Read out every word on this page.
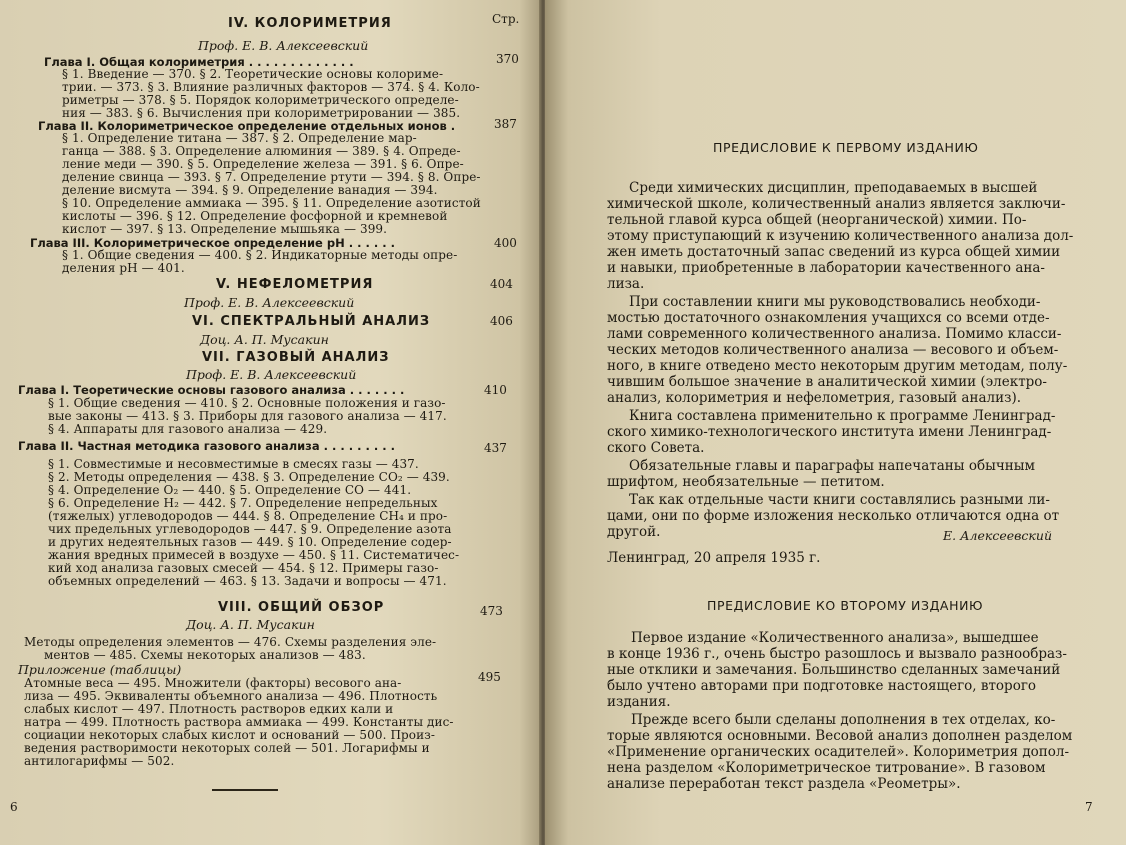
Стр.
IV. КОЛОРИМЕТРИЯ
Проф. Е. В. Алексеевский
Глава I. Общая колориметрия . . . . . . . . . . . . .
§ 1. Введение — 370. § 2. Теоретические основы колориме-
трии. — 373. § 3. Влияние различных факторов — 374. § 4. Коло-
риметры — 378. § 5. Порядок колориметрического определе-
ния — 383. § 6. Вычисления при колориметрировании — 385.
Глава II. Колориметрическое определение отдельных ионов .
§ 1. Определение титана — 387. § 2. Определение мар-
ганца — 388. § 3. Определение алюминия — 389. § 4. Опреде-
ление меди — 390. § 5. Определение железа — 391. § 6. Опре-
деление свинца — 393. § 7. Определение ртути — 394. § 8. Опре-
деление висмута — 394. § 9. Определение ванадия — 394.
§ 10. Определение аммиака — 395. § 11. Определение азотистой
кислоты — 396. § 12. Определение фосфорной и кремневой
кислот — 397. § 13. Определение мышьяка — 399.
Глава III. Колориметрическое определение pH . . . . . .
§ 1. Общие сведения — 400. § 2. Индикаторные методы опре-
деления pH — 401.
V. НЕФЕЛОМЕТРИЯ
Проф. Е. В. Алексеевский
VI. СПЕКТРАЛЬНЫЙ АНАЛИЗ
Доц. А. П. Мусакин
VII. ГАЗОВЫЙ АНАЛИЗ
Проф. Е. В. Алексеевский
Глава I. Теоретические основы газового анализа . . . . . . .
§ 1. Общие сведения — 410. § 2. Основные положения и газо-
вые законы — 413. § 3. Приборы для газового анализа — 417.
§ 4. Аппараты для газового анализа — 429.
Глава II. Частная методика газового анализа . . . . . . . . .
§ 1. Совместимые и несовместимые в смесях газы — 437.
§ 2. Методы определения — 438. § 3. Определение CO₂ — 439.
§ 4. Определение O₂ — 440. § 5. Определение CO — 441.
§ 6. Определение H₂ — 442. § 7. Определение непредельных
(тяжелых) углеводородов — 444. § 8. Определение CH₄ и про-
чих предельных углеводородов — 447. § 9. Определение азота
и других недеятельных газов — 449. § 10. Определение содер-
жания вредных примесей в воздухе — 450. § 11. Систематичес-
кий ход анализа газовых смесей — 454. § 12. Примеры газо-
объемных определений — 463. § 13. Задачи и вопросы — 471.
VIII. ОБЩИЙ ОБЗОР
Доц. А. П. Мусакин
Методы определения элементов — 476. Схемы разделения эле-
ментов — 485. Схемы некоторых анализов — 483.
Приложение (таблицы)
Атомные веса — 495. Множители (факторы) весового ана-
лиза — 495. Эквиваленты объемного анализа — 496. Плотность
слабых кислот — 497. Плотность растворов едких кали и
натра — 499. Плотность раствора аммиака — 499. Константы дис-
социации некоторых слабых кислот и оснований — 500. Произ-
ведения растворимости некоторых солей — 501. Логарифмы и
антилогарифмы — 502.
370
387
400
404
406
410
437
473
495
6
ПРЕДИСЛОВИЕ К ПЕРВОМУ ИЗДАНИЮ
Среди химических дисциплин, преподаваемых в высшей
химической школе, количественный анализ является заключи-
тельной главой курса общей (неорганической) химии. По-
этому приступающий к изучению количественного анализа дол-
жен иметь достаточный запас сведений из курса общей химии
и навыки, приобретенные в лаборатории качественного ана-
лиза.
При составлении книги мы руководствовались необходи-
мостью достаточного ознакомления учащихся со всеми отде-
лами современного количественного анализа. Помимо класси-
ческих методов количественного анализа — весового и объем-
ного, в книге отведено место некоторым другим методам, полу-
чившим большое значение в аналитической химии (электро-
анализ, колориметрия и нефелометрия, газовый анализ).
Книга составлена применительно к программе Ленинград-
ского химико-технологического института имени Ленинград-
ского Совета.
Обязательные главы и параграфы напечатаны обычным
шрифтом, необязательные — петитом.
Так как отдельные части книги составлялись разными ли-
цами, они по форме изложения несколько отличаются одна от
другой.	Е. Алексеевский
Ленинград, 20 апреля 1935 г.
ПРЕДИСЛОВИЕ КО ВТОРОМУ ИЗДАНИЮ
Первое издание «Количественного анализа», вышедшее
в конце 1936 г., очень быстро разошлось и вызвало разнообраз-
ные отклики и замечания. Большинство сделанных замечаний
было учтено авторами при подготовке настоящего, второго
издания.
Прежде всего были сделаны дополнения в тех отделах, ко-
торые являются основными. Весовой анализ дополнен разделом
«Применение органических осадителей». Колориметрия допол-
нена разделом «Колориметрическое титрование». В газовом
анализе переработан текст раздела «Реометры».
7
